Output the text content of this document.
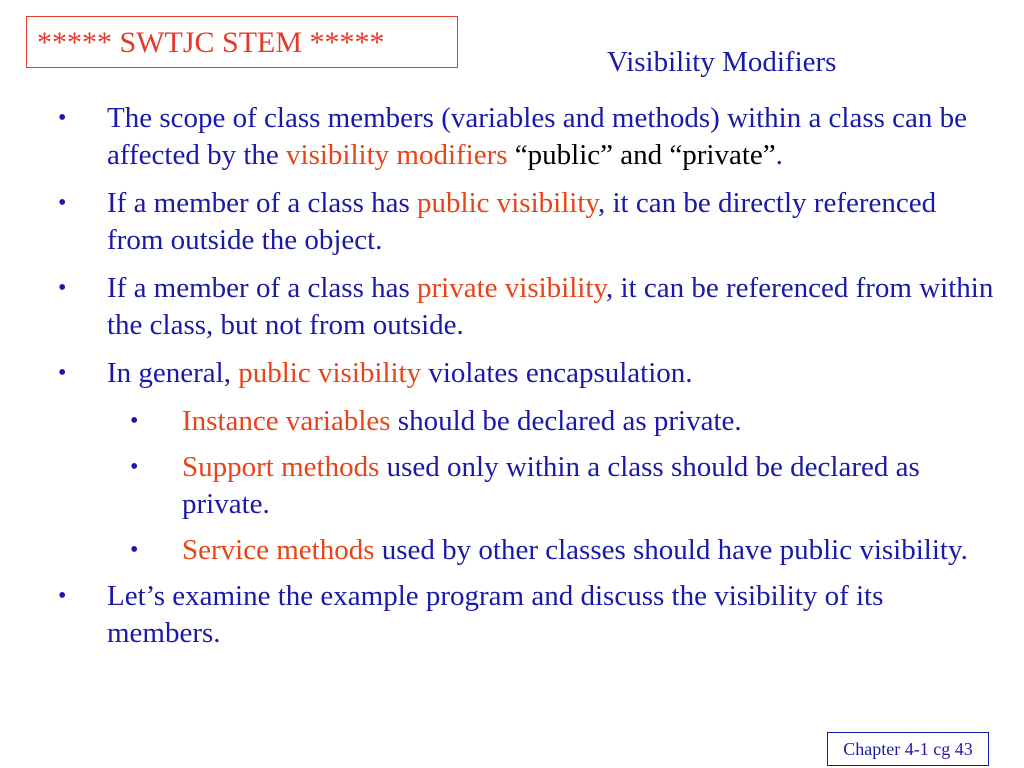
***** SWTJC STEM *****
Visibility Modifiers
• The scope of class members (variables and methods) within a class can be affected by the visibility modifiers “public” and “private”.
• If a member of a class has public visibility, it can be directly referenced from outside the object.
• If a member of a class has private visibility, it can be referenced from within the class, but not from outside.
• In general, public visibility violates encapsulation.
• Instance variables should be declared as private.
• Support methods used only within a class should be declared as private.
• Service methods used by other classes should have public visibility.
• Let’s examine the example program and discuss the visibility of its members.
Chapter 4-1 cg 43
